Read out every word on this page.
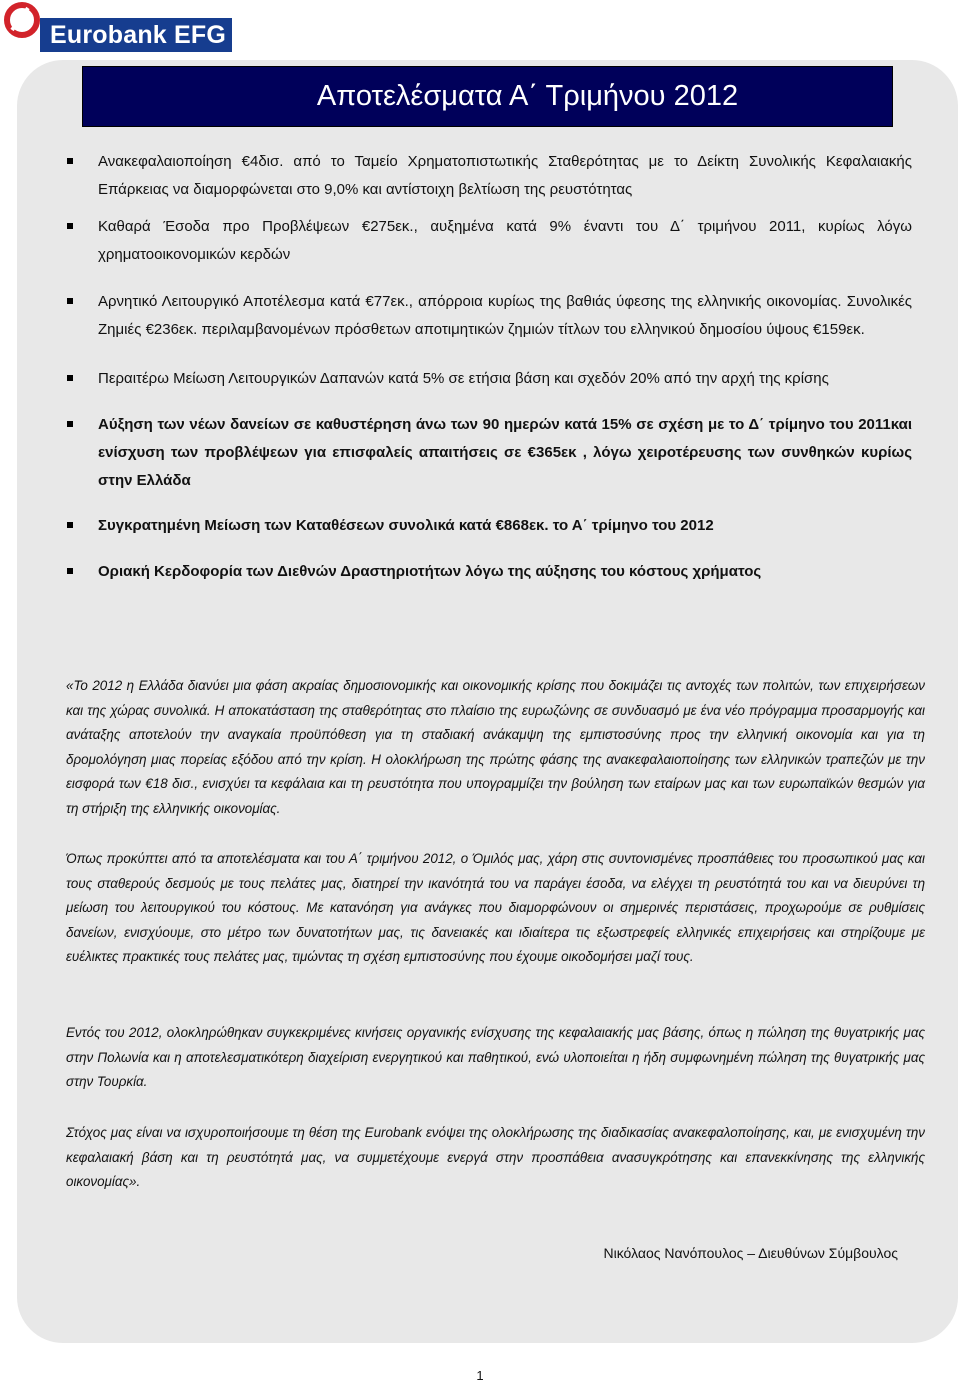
Eurobank EFG
Αποτελέσματα Α΄ Τριμήνου 2012
Ανακεφαλαιοποίηση €4δισ. από το Ταμείο Χρηματοπιστωτικής Σταθερότητας με το Δείκτη Συνολικής Κεφαλαιακής Επάρκειας να διαμορφώνεται στο 9,0% και αντίστοιχη βελτίωση της ρευστότητας
Καθαρά Έσοδα προ Προβλέψεων €275εκ., αυξημένα κατά 9% έναντι του Δ΄ τριμήνου 2011, κυρίως λόγω χρηματοοικονομικών κερδών
Αρνητικό Λειτουργικό Αποτέλεσμα κατά €77εκ., απόρροια κυρίως της βαθιάς ύφεσης της ελληνικής οικονομίας. Συνολικές Ζημιές €236εκ. περιλαμβανομένων πρόσθετων αποτιμητικών ζημιών τίτλων του ελληνικού δημοσίου ύψους €159εκ.
Περαιτέρω Μείωση Λειτουργικών Δαπανών κατά 5% σε ετήσια βάση και σχεδόν 20% από την αρχή της κρίσης
Αύξηση των νέων δανείων σε καθυστέρηση άνω των 90 ημερών κατά 15% σε σχέση με το Δ΄ τρίμηνο του 2011και ενίσχυση των προβλέψεων για επισφαλείς απαιτήσεις σε €365εκ , λόγω χειροτέρευσης των συνθηκών κυρίως στην Ελλάδα
Συγκρατημένη Μείωση των Καταθέσεων συνολικά κατά €868εκ. το Α΄ τρίμηνο του 2012
Οριακή Κερδοφορία των Διεθνών Δραστηριοτήτων λόγω της αύξησης του κόστους χρήματος
«Το 2012 η Ελλάδα διανύει μια φάση ακραίας δημοσιονομικής και οικονομικής κρίσης που δοκιμάζει τις αντοχές των πολιτών, των επιχειρήσεων και της χώρας συνολικά. Η αποκατάσταση της σταθερότητας στο πλαίσιο της ευρωζώνης σε συνδυασμό με ένα νέο πρόγραμμα προσαρμογής και ανάταξης αποτελούν την αναγκαία προϋπόθεση για τη σταδιακή ανάκαμψη της εμπιστοσύνης προς την ελληνική οικονομία και για τη δρομολόγηση μιας πορείας εξόδου από την κρίση. Η ολοκλήρωση της πρώτης φάσης της ανακεφαλαιοποίησης των ελληνικών τραπεζών με την εισφορά των €18 δισ., ενισχύει τα κεφάλαια και τη ρευστότητα που υπογραμμίζει την βούληση των εταίρων μας και των ευρωπαϊκών θεσμών για τη στήριξη της ελληνικής οικονομίας.
Όπως προκύπτει από τα αποτελέσματα και του Α΄ τριμήνου 2012, ο Όμιλός μας, χάρη στις συντονισμένες προσπάθειες του προσωπικού μας και τους σταθερούς δεσμούς με τους πελάτες μας, διατηρεί την ικανότητά του να παράγει έσοδα, να ελέγχει τη ρευστότητά του και να διευρύνει τη μείωση του λειτουργικού του κόστους. Με κατανόηση για ανάγκες που διαμορφώνουν οι σημερινές περιστάσεις, προχωρούμε σε ρυθμίσεις δανείων, ενισχύουμε, στο μέτρο των δυνατοτήτων μας, τις δανειακές και ιδιαίτερα τις εξωστρεφείς ελληνικές επιχειρήσεις και στηρίζουμε με ευέλικτες πρακτικές τους πελάτες μας, τιμώντας τη σχέση εμπιστοσύνης που έχουμε οικοδομήσει μαζί τους.
Εντός του 2012, ολοκληρώθηκαν συγκεκριμένες κινήσεις οργανικής ενίσχυσης της κεφαλαιακής μας βάσης, όπως η πώληση της θυγατρικής μας στην Πολωνία και η αποτελεσματικότερη διαχείριση ενεργητικού και παθητικού, ενώ υλοποιείται η ήδη συμφωνημένη πώληση της θυγατρικής μας στην Τουρκία.
Στόχος μας είναι να ισχυροποιήσουμε τη θέση της Eurobank ενόψει της ολοκλήρωσης της διαδικασίας ανακεφαλοποίησης, και, με ενισχυμένη την κεφαλαιακή βάση και τη ρευστότητά μας, να συμμετέχουμε ενεργά στην προσπάθεια ανασυγκρότησης και επανεκκίνησης της ελληνικής οικονομίας».
Νικόλαος Νανόπουλος – Διευθύνων Σύμβουλος
1
